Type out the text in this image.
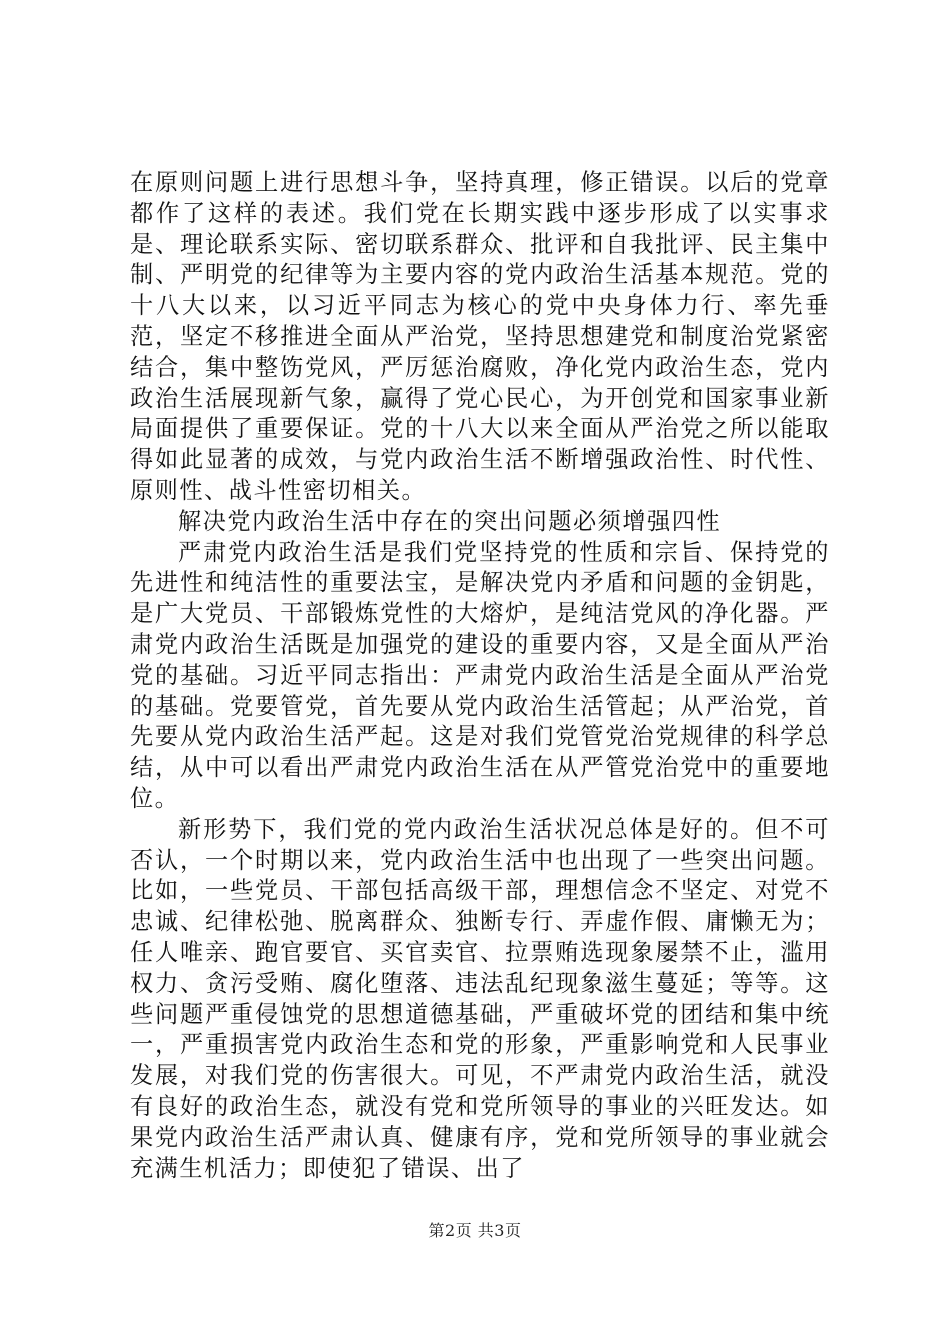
在原则问题上进行思想斗争，坚持真理，修正错误。以后的党章都作了这样的表述。我们党在长期实践中逐步形成了以实事求是、理论联系实际、密切联系群众、批评和自我批评、民主集中制、严明党的纪律等为主要内容的党内政治生活基本规范。党的十八大以来，以习近平同志为核心的党中央身体力行、率先垂范，坚定不移推进全面从严治党，坚持思想建党和制度治党紧密结合，集中整饬党风，严厉惩治腐败，净化党内政治生态，党内政治生活展现新气象，赢得了党心民心，为开创党和国家事业新局面提供了重要保证。党的十八大以来全面从严治党之所以能取得如此显著的成效，与党内政治生活不断增强政治性、时代性、原则性、战斗性密切相关。

解决党内政治生活中存在的突出问题必须增强四性

严肃党内政治生活是我们党坚持党的性质和宗旨、保持党的先进性和纯洁性的重要法宝，是解决党内矛盾和问题的金钥匙，是广大党员、干部锻炼党性的大熔炉，是纯洁党风的净化器。严肃党内政治生活既是加强党的建设的重要内容，又是全面从严治党的基础。习近平同志指出：严肃党内政治生活是全面从严治党的基础。党要管党，首先要从党内政治生活管起；从严治党，首先要从党内政治生活严起。这是对我们党管党治党规律的科学总结，从中可以看出严肃党内政治生活在从严管党治党中的重要地位。

新形势下，我们党的党内政治生活状况总体是好的。但不可否认，一个时期以来，党内政治生活中也出现了一些突出问题。比如，一些党员、干部包括高级干部，理想信念不坚定、对党不忠诚、纪律松弛、脱离群众、独断专行、弄虚作假、庸懒无为；任人唯亲、跑官要官、买官卖官、拉票贿选现象屡禁不止，滥用权力、贪污受贿、腐化堕落、违法乱纪现象滋生蔓延；等等。这些问题严重侵蚀党的思想道德基础，严重破坏党的团结和集中统一，严重损害党内政治生态和党的形象，严重影响党和人民事业发展，对我们党的伤害很大。可见，不严肃党内政治生活，就没有良好的政治生态，就没有党和党所领导的事业的兴旺发达。如果党内政治生活严肃认真、健康有序，党和党所领导的事业就会充满生机活力；即使犯了错误、出了

第2页 共3页
